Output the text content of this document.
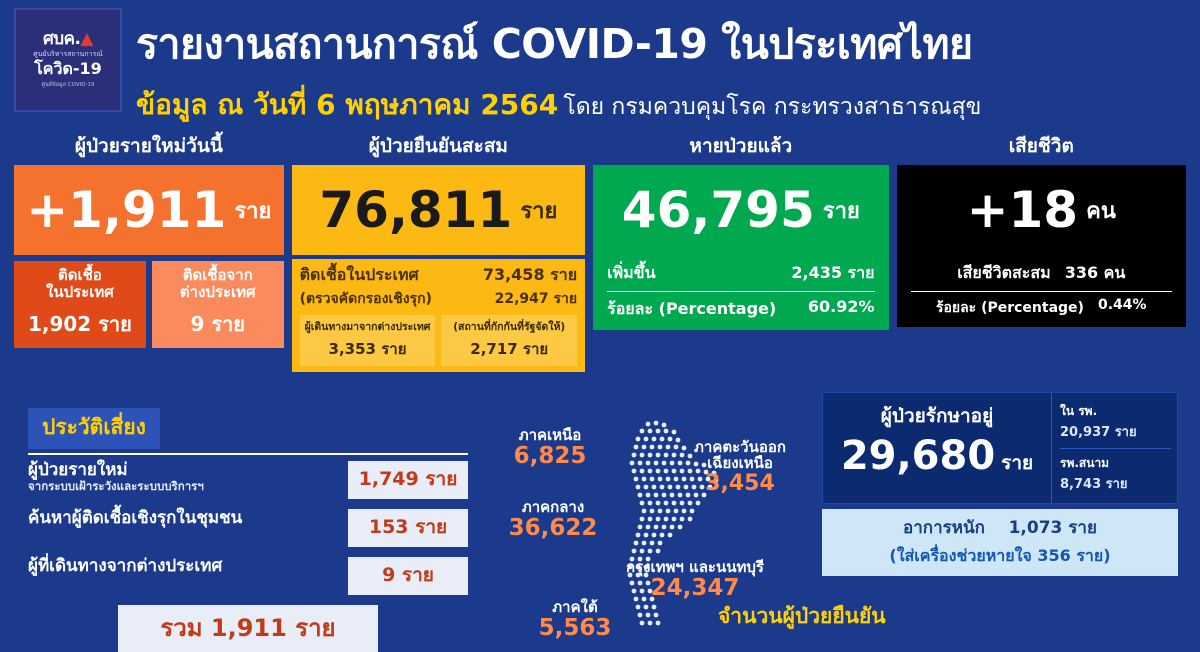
ศบค.▲
ศูนย์บริหารสถานการณ์
โควิด-19
ศูนย์ข้อมูล COVID-19
รายงานสถานการณ์ COVID-19 ในประเทศไทย
ข้อมูล ณ วันที่ 6 พฤษภาคม 2564 โดย กรมควบคุมโรค กระทรวงสาธารณสุข
ผู้ป่วยรายใหม่วันนี้
+1,911 ราย
ติดเชื้อ
ในประเทศ
1,902 ราย
ติดเชื้อจาก
ต่างประเทศ
9 ราย
ผู้ป่วยยืนยันสะสม
76,811 ราย
ติดเชื้อในประเทศ	73,458 ราย
(ตรวจคัดกรองเชิงรุก)	22,947 ราย
ผู้เดินทางมาจากต่างประเทศ
3,353 ราย
(สถานที่กักกันที่รัฐจัดให้)
2,717 ราย
หายป่วยแล้ว
46,795 ราย
เพิ่มขึ้น	2,435 ราย
ร้อยละ (Percentage) 60.92%
เสียชีวิต
+18 คน
เสียชีวิตสะสม 336 คน
ร้อยละ (Percentage) 0.44%
ประวัติเสี่ยง
ผู้ป่วยรายใหม่
จากระบบเฝ้าระวังและระบบบริการฯ	1,749 ราย
ค้นหาผู้ติดเชื้อเชิงรุกในชุมชน	153 ราย
ผู้ที่เดินทางจากต่างประเทศ	9 ราย
รวม 1,911 ราย
ภาคเหนือ
6,825	ภาคตะวันออก
เฉียงเหนือ
3,454
ภาคกลาง
36,622
กรุงเทพฯ และนนทบุรี
24,347
ภาคใต้
5,563	จำนวนผู้ป่วยยืนยัน
ผู้ป่วยรักษาอยู่
29,680 ราย
ใน รพ.
20,937 ราย
รพ.สนาม
8,743 ราย
อาการหนัก 1,073 ราย
(ใส่เครื่องช่วยหายใจ 356 ราย)
